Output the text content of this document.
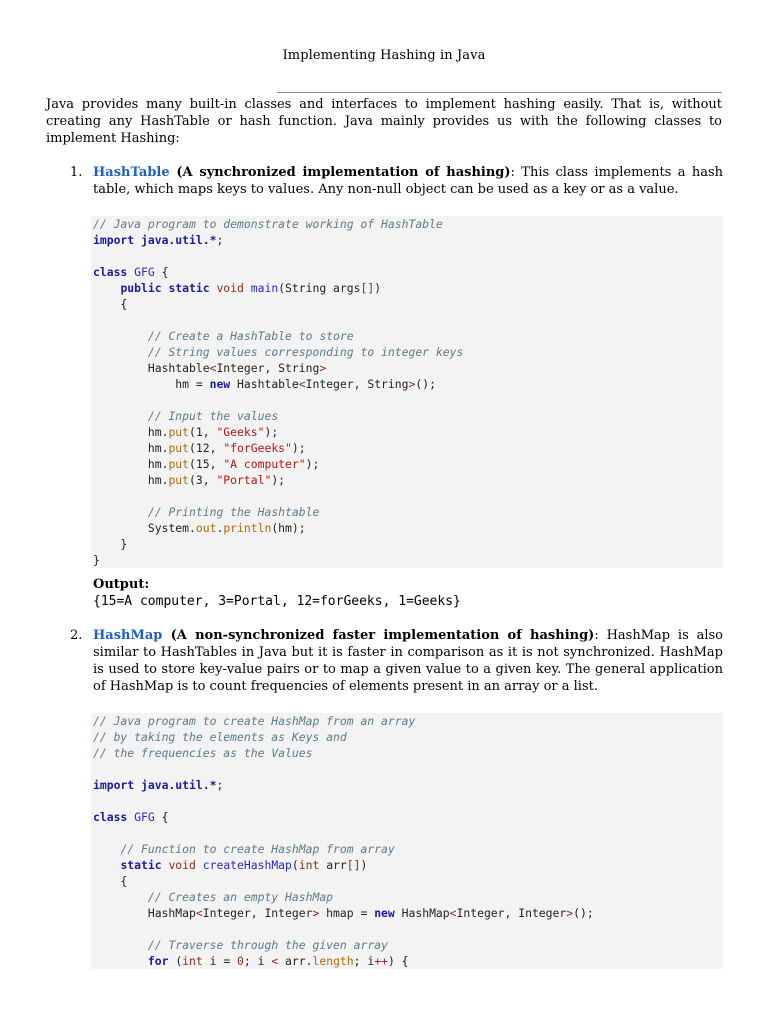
Implementing Hashing in Java
Java provides many built-in classes and interfaces to implement hashing easily. That is, without creating any HashTable or hash function. Java mainly provides us with the following classes to implement Hashing:
1. HashTable (A synchronized implementation of hashing): This class implements a hash table, which maps keys to values. Any non-null object can be used as a key or as a value.
// Java program to demonstrate working of HashTable
import java.util.*;

class GFG {
public static void main(String args[])
{

// Create a HashTable to store
// String values corresponding to integer keys
Hashtable<Integer, String>
hm = new Hashtable<Integer, String>();

// Input the values
hm.put(1, "Geeks");
hm.put(12, "forGeeks");
hm.put(15, "A computer");
hm.put(3, "Portal");

// Printing the Hashtable
System.out.println(hm);
}
}
Output:
{15=A computer, 3=Portal, 12=forGeeks, 1=Geeks}
2. HashMap (A non-synchronized faster implementation of hashing): HashMap is also similar to HashTables in Java but it is faster in comparison as it is not synchronized. HashMap is used to store key-value pairs or to map a given value to a given key. The general application of HashMap is to count frequencies of elements present in an array or a list.
// Java program to create HashMap from an array
// by taking the elements as Keys and
// the frequencies as the Values

import java.util.*;

class GFG {

// Function to create HashMap from array
static void createHashMap(int arr[])
{
// Creates an empty HashMap
HashMap<Integer, Integer> hmap = new HashMap<Integer, Integer>();

// Traverse through the given array
for (int i = 0; i < arr.length; i++) {
